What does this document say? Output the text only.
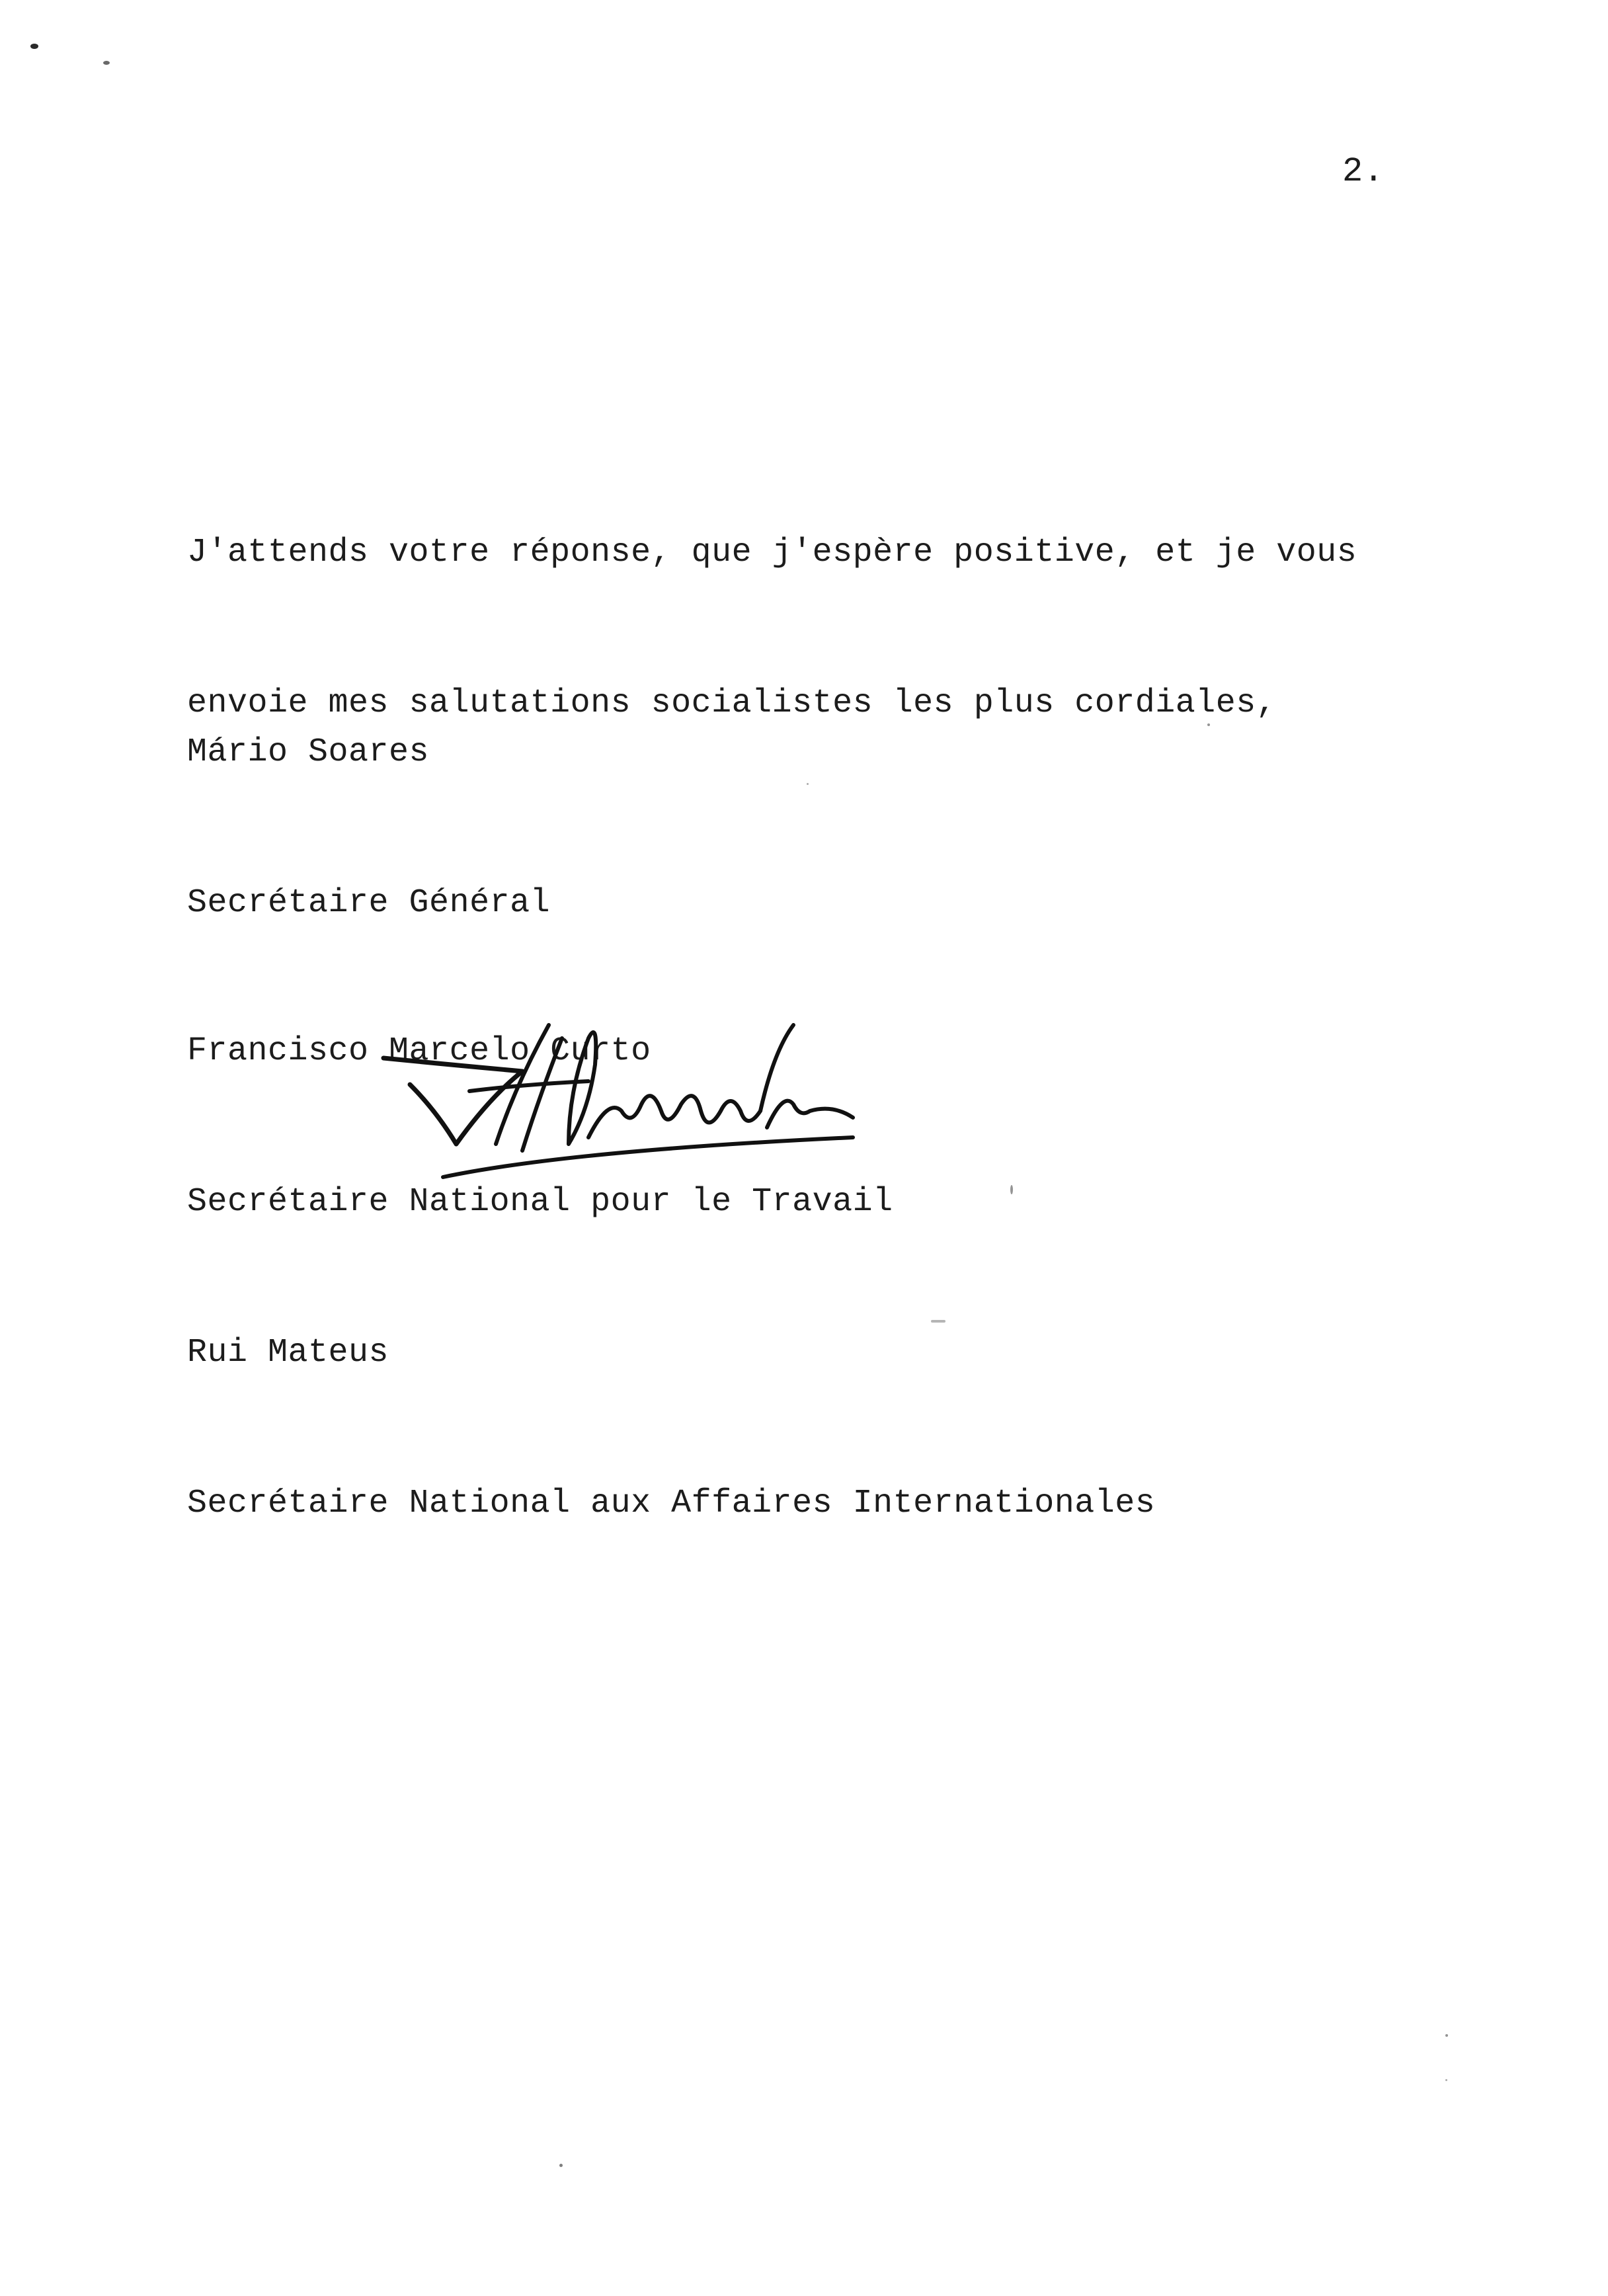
2.

J'attends votre réponse, que j'espère positive, et je vous

envoie mes salutations socialistes les plus cordiales,

Mário Soares

Secrétaire Général

Francisco Marcelo Curto

Secrétaire National pour le Travail

Rui Mateus

Secrétaire National aux Affaires Internationales
